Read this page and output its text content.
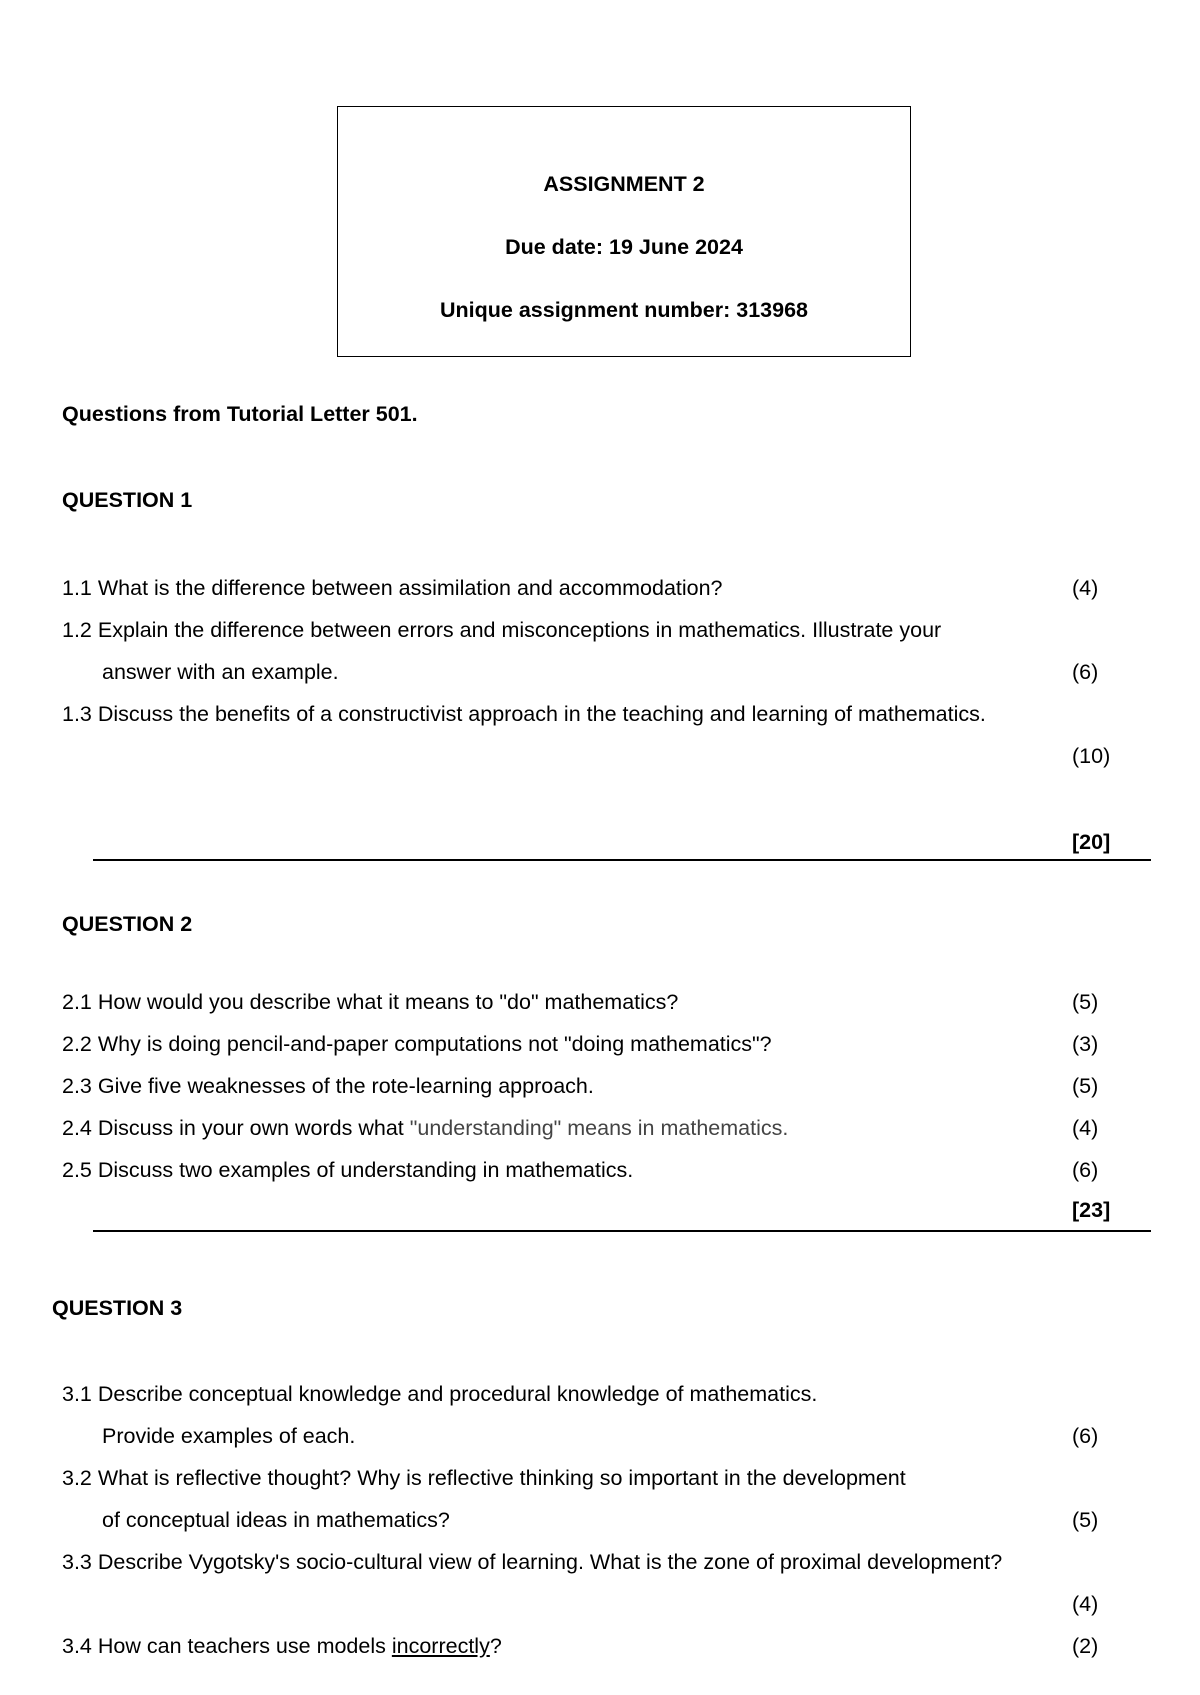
ASSIGNMENT 2
Due date: 19 June 2024
Unique assignment number: 313968
Questions from Tutorial Letter 501.
QUESTION 1
1.1 What is the difference between assimilation and accommodation?	(4)
1.2 Explain the difference between errors and misconceptions in mathematics. Illustrate your
answer with an example.	(6)
1.3 Discuss the benefits of a constructivist approach in the teaching and learning of mathematics.
(10)
[20]
QUESTION 2
2.1 How would you describe what it means to "do" mathematics?	(5)
2.2 Why is doing pencil-and-paper computations not "doing mathematics"?	(3)
2.3 Give five weaknesses of the rote-learning approach.	(5)
2.4 Discuss in your own words what "understanding" means in mathematics.	(4)
2.5 Discuss two examples of understanding in mathematics.	(6)
[23]
QUESTION 3
3.1 Describe conceptual knowledge and procedural knowledge of mathematics.
Provide examples of each.	(6)
3.2 What is reflective thought? Why is reflective thinking so important in the development
of conceptual ideas in mathematics?	(5)
3.3 Describe Vygotsky's socio-cultural view of learning. What is the zone of proximal development?
(4)
3.4 How can teachers use models incorrectly?	(2)
